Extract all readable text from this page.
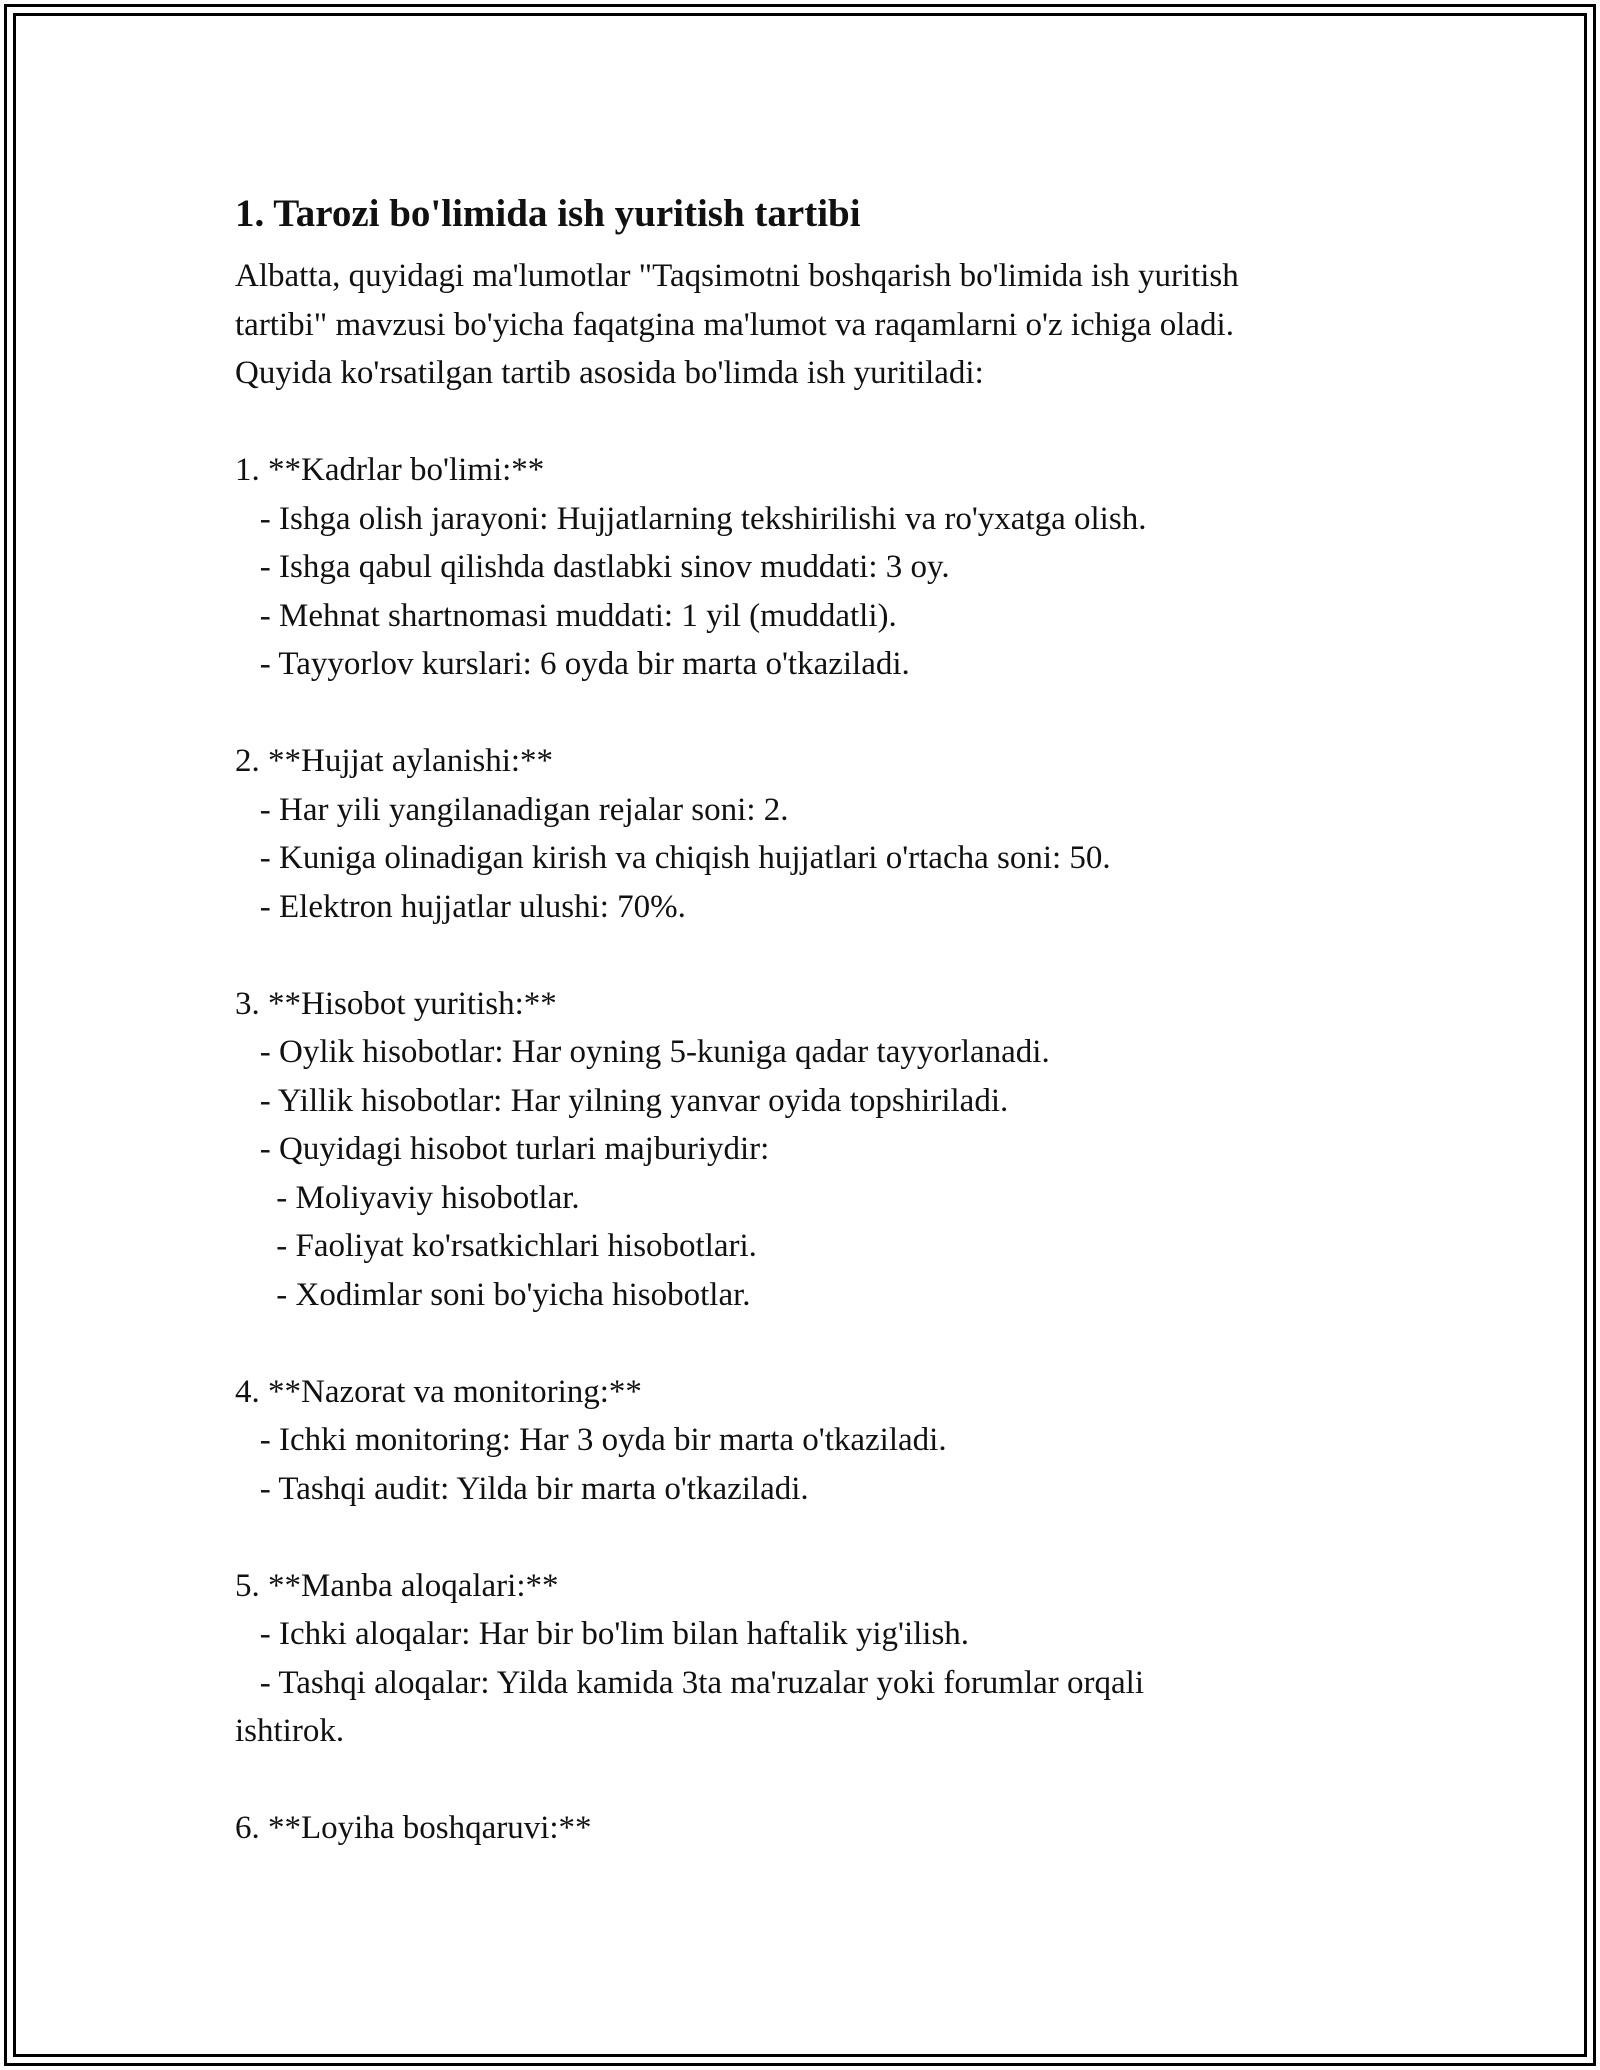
1. Tarozi bo'limida ish yuritish tartibi

Albatta, quyidagi ma'lumotlar "Taqsimotni boshqarish bo'limida ish yuritish
tartibi" mavzusi bo'yicha faqatgina ma'lumot va raqamlarni o'z ichiga oladi.
Quyida ko'rsatilgan tartib asosida bo'limda ish yuritiladi:

1. **Kadrlar bo'limi:**
- Ishga olish jarayoni: Hujjatlarning tekshirilishi va ro'yxatga olish.
- Ishga qabul qilishda dastlabki sinov muddati: 3 oy.
- Mehnat shartnomasi muddati: 1 yil (muddatli).
- Tayyorlov kurslari: 6 oyda bir marta o'tkaziladi.

2. **Hujjat aylanishi:**
- Har yili yangilanadigan rejalar soni: 2.
- Kuniga olinadigan kirish va chiqish hujjatlari o'rtacha soni: 50.
- Elektron hujjatlar ulushi: 70%.

3. **Hisobot yuritish:**
- Oylik hisobotlar: Har oyning 5-kuniga qadar tayyorlanadi.
- Yillik hisobotlar: Har yilning yanvar oyida topshiriladi.
- Quyidagi hisobot turlari majburiydir:
- Moliyaviy hisobotlar.
- Faoliyat ko'rsatkichlari hisobotlari.
- Xodimlar soni bo'yicha hisobotlar.

4. **Nazorat va monitoring:**
- Ichki monitoring: Har 3 oyda bir marta o'tkaziladi.
- Tashqi audit: Yilda bir marta o'tkaziladi.

5. **Manba aloqalari:**
- Ichki aloqalar: Har bir bo'lim bilan haftalik yig'ilish.
- Tashqi aloqalar: Yilda kamida 3ta ma'ruzalar yoki forumlar orqali
ishtirok.

6. **Loyiha boshqaruvi:**
